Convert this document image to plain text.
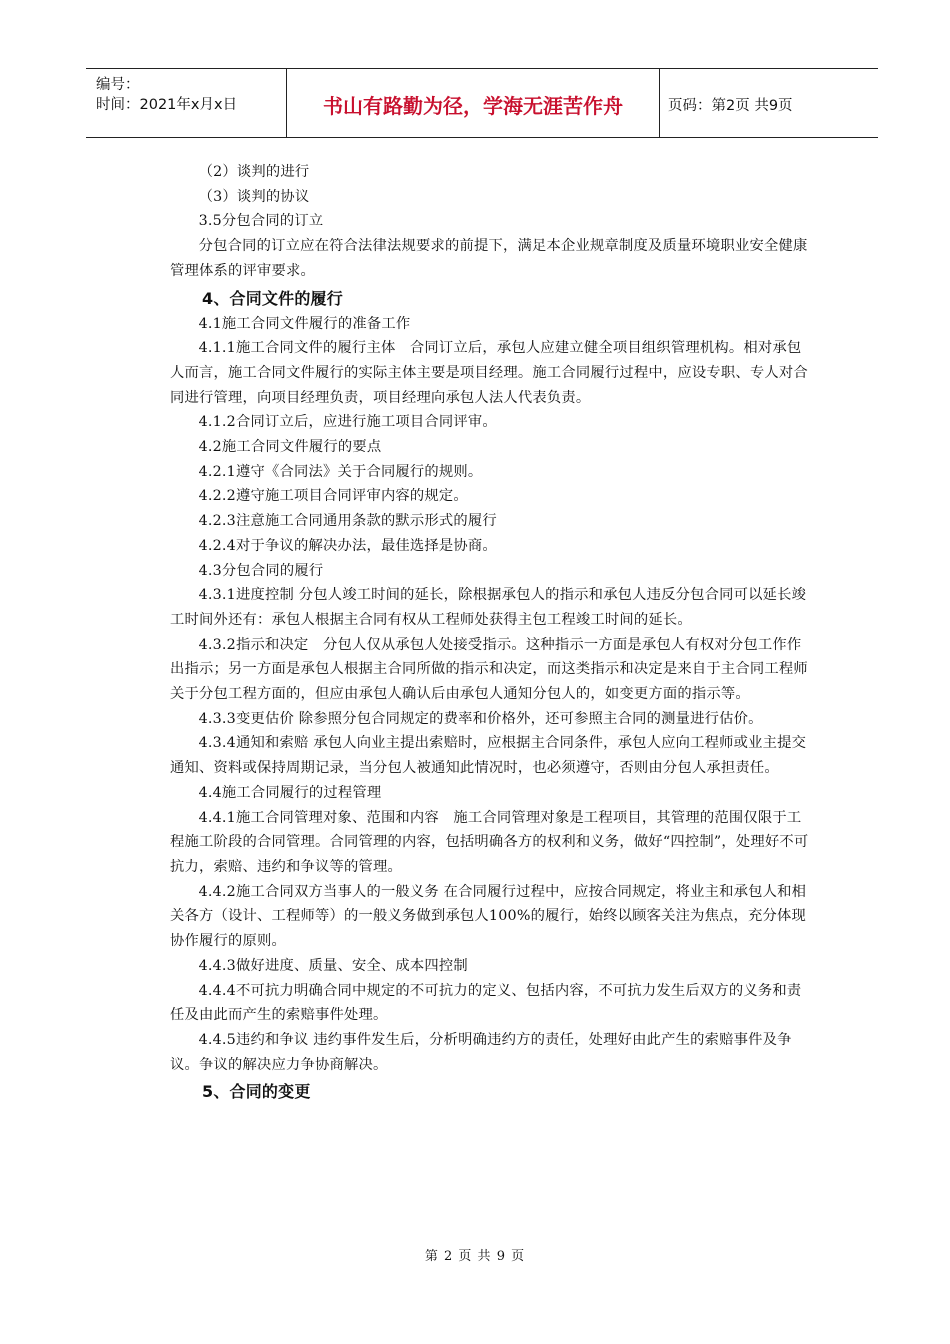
编号：
时间：2021年x月x日	书山有路勤为径，学海无涯苦作舟	页码：第2页 共9页

（2）谈判的进行

（3）谈判的协议

3.5分包合同的订立

分包合同的订立应在符合法律法规要求的前提下，满足本企业规章制度及质量环境职业安全健康管理体系的评审要求。

4、合同文件的履行

4.1施工合同文件履行的准备工作

4.1.1施工合同文件的履行主体　合同订立后，承包人应建立健全项目组织管理机构。相对承包人而言，施工合同文件履行的实际主体主要是项目经理。施工合同履行过程中，应设专职、专人对合同进行管理，向项目经理负责，项目经理向承包人法人代表负责。

4.1.2合同订立后，应进行施工项目合同评审。

4.2施工合同文件履行的要点

4.2.1遵守《合同法》关于合同履行的规则。

4.2.2遵守施工项目合同评审内容的规定。

4.2.3注意施工合同通用条款的默示形式的履行

4.2.4对于争议的解决办法，最佳选择是协商。

4.3分包合同的履行

4.3.1进度控制 分包人竣工时间的延长，除根据承包人的指示和承包人违反分包合同可以延长竣工时间外还有：承包人根据主合同有权从工程师处获得主包工程竣工时间的延长。

4.3.2指示和决定　分包人仅从承包人处接受指示。这种指示一方面是承包人有权对分包工作作出指示；另一方面是承包人根据主合同所做的指示和决定，而这类指示和决定是来自于主合同工程师关于分包工程方面的，但应由承包人确认后由承包人通知分包人的，如变更方面的指示等。

4.3.3变更估价 除参照分包合同规定的费率和价格外，还可参照主合同的测量进行估价。

4.3.4通知和索赔 承包人向业主提出索赔时，应根据主合同条件，承包人应向工程师或业主提交通知、资料或保持周期记录，当分包人被通知此情况时，也必须遵守，否则由分包人承担责任。

4.4施工合同履行的过程管理

4.4.1施工合同管理对象、范围和内容　施工合同管理对象是工程项目，其管理的范围仅限于工程施工阶段的合同管理。合同管理的内容，包括明确各方的权利和义务，做好“四控制”，处理好不可抗力，索赔、违约和争议等的管理。

4.4.2施工合同双方当事人的一般义务 在合同履行过程中，应按合同规定，将业主和承包人和相关各方（设计、工程师等）的一般义务做到承包人100%的履行，始终以顾客关注为焦点，充分体现协作履行的原则。

4.4.3做好进度、质量、安全、成本四控制

4.4.4不可抗力明确合同中规定的不可抗力的定义、包括内容，不可抗力发生后双方的义务和责任及由此而产生的索赔事件处理。

4.4.5违约和争议 违约事件发生后，分析明确违约方的责任，处理好由此产生的索赔事件及争议。争议的解决应力争协商解决。

5、合同的变更

第 2 页 共 9 页
